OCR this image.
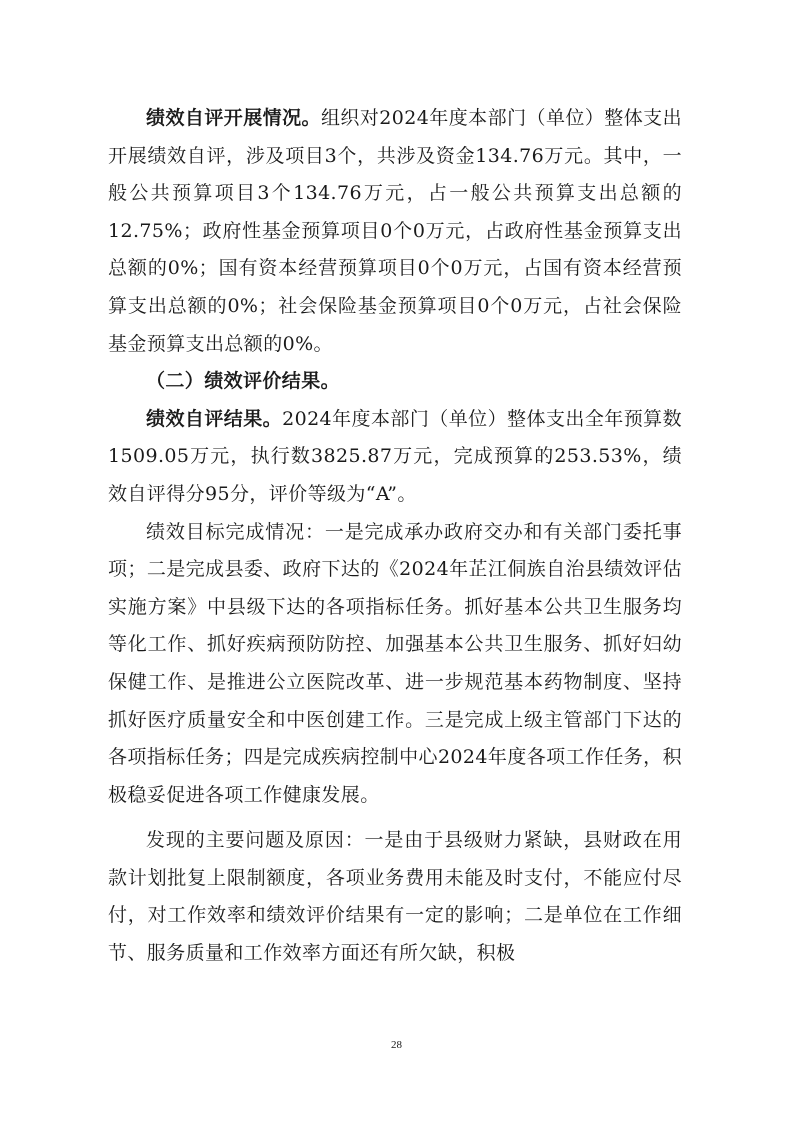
绩效自评开展情况。组织对2024年度本部门（单位）整体支出开展绩效自评，涉及项目3个，共涉及资金134.76万元。其中，一般公共预算项目3个134.76万元，占一般公共预算支出总额的12.75%；政府性基金预算项目0个0万元，占政府性基金预算支出总额的0%；国有资本经营预算项目0个0万元，占国有资本经营预算支出总额的0%；社会保险基金预算项目0个0万元，占社会保险基金预算支出总额的0%。

（二）绩效评价结果。

绩效自评结果。2024年度本部门（单位）整体支出全年预算数1509.05万元，执行数3825.87万元，完成预算的253.53%，绩效自评得分95分，评价等级为“A”。

绩效目标完成情况：一是完成承办政府交办和有关部门委托事项；二是完成县委、政府下达的《2024年芷江侗族自治县绩效评估实施方案》中县级下达的各项指标任务。抓好基本公共卫生服务均等化工作、抓好疾病预防防控、加强基本公共卫生服务、抓好妇幼保健工作、是推进公立医院改革、进一步规范基本药物制度、坚持抓好医疗质量安全和中医创建工作。三是完成上级主管部门下达的各项指标任务；四是完成疾病控制中心2024年度各项工作任务，积极稳妥促进各项工作健康发展。

发现的主要问题及原因：一是由于县级财力紧缺，县财政在用款计划批复上限制额度，各项业务费用未能及时支付，不能应付尽付，对工作效率和绩效评价结果有一定的影响；二是单位在工作细节、服务质量和工作效率方面还有所欠缺，积极

28
